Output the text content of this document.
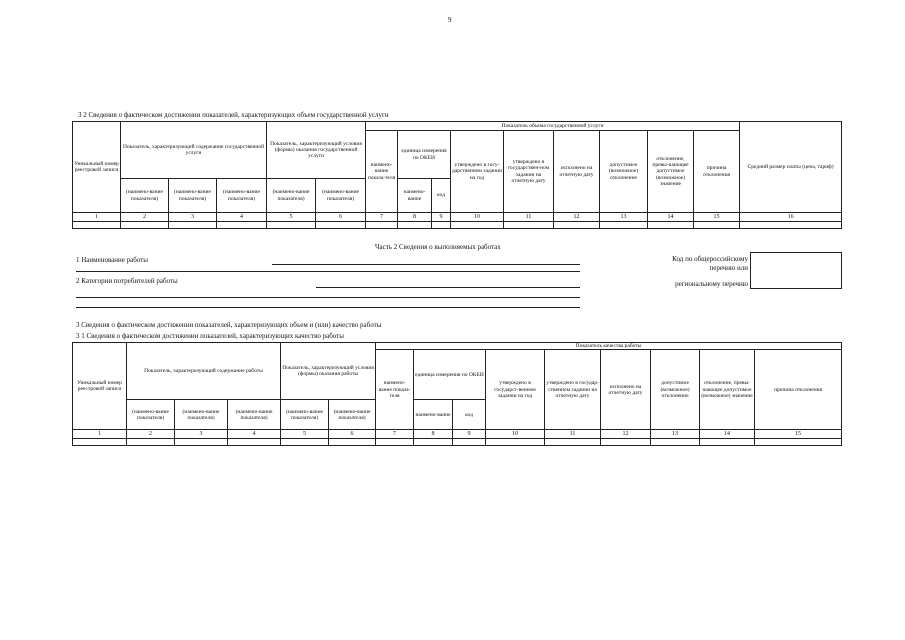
9
3 2 Сведения о фактическом достижении показателей, характеризующих объем государственной услуги
Уникальный номер реестровой записи	Показатель, характеризующий содержание государственной услуги			Показатель, характеризующий условия (формы) оказания государственной услуги		Показатель объема государственной услуги									Средний размер платы (цена, тариф)
						наимено-вание показа-теля	единица измерения по ОКЕИ		утверждено в госу-дарственном задании на год	утверждено в государствен-ном задании на отчетную дату	исполнено на отчетную дату	допустимое (возможное) отклонение	отклонение, превы-шающее допустимое (возможное) значение	причина отклонения	
	(наимено-вание показателя)	(наимено-вание показателя)	(наимено-вание показателя)	(наимено-вание показателя)	(наимено-вание показателя)		наимено-вание	код							
1	2	3	4	5	6	7	8	9	10	11	12	13	14	15	16

Часть 2 Сведения о выполняемых работах
1 Наименование работы
2 Категории потребителей работы
Код по общероссийскому
перечню или
региональному перечню
3 Сведения о фактическом достижении показателей, характеризующих объем и (или) качество работы
3 1 Сведения о фактическом достижении показателей, характеризующих качество работы
Уникальный номер реестровой записи	Показатель, характеризующий содержание работы			Показатель, характеризующий условия (формы) оказания работы		Показатель качества работы								
						наимено-вание показа-теля	единица измерения по ОКЕИ		утверждено в государст-венном задании на год	утверждено в государ-ственном задании на отчетную дату	исполнено на отчетную дату	допустимое (возможное) отклонение	отклонение, превы-шающее допустимое (возможное) значение	причина отклонения
	(наимено-вание показателя)	(наимено-вание показателя)	(наимено-вание показателя)	(наимено-вание показателя)	(наимено-вание показателя)		наимено-вание	код						
1	2	3	4	5	6	7	8	9	10	11	12	13	14	15
